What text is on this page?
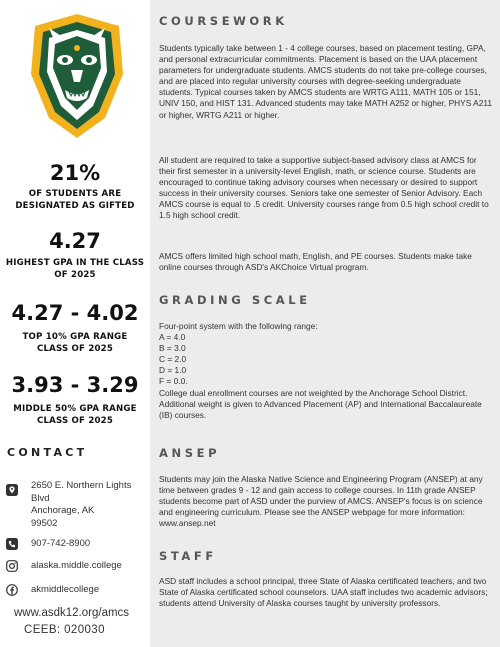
21%
OF STUDENTS ARE
DESIGNATED AS GIFTED
4.27
HIGHEST GPA IN THE CLASS
OF 2025
4.27 - 4.02
TOP 10% GPA RANGE
CLASS OF 2025
3.93 - 3.29
MIDDLE 50% GPA RANGE
CLASS OF 2025
CONTACT
2650 E. Northern Lights
Blvd
Anchorage, AK
99502
907-742-8900
alaska.middle.college
akmiddlecollege
www.asdk12.org/amcs
CEEB: 020030
COURSEWORK

Students typically take between 1 - 4 college courses, based on placement testing, GPA, and personal extracurricular commitments. Placement is based on the UAA placement parameters for undergraduate students. AMCS students do not take pre-college courses, and are placed into regular university courses with degree-seeking undergraduate students. Typical courses taken by AMCS students are WRTG A111, MATH 105 or 151, UNIV 150, and HIST 131. Advanced students may take MATH A252 or higher, PHYS A211 or higher, WRTG A211 or higher.

All student are required to take a supportive subject-based advisory class at AMCS for their first semester in a university-level English, math, or science course. Students are encouraged to continue taking advisory courses when necessary or desired to support success in their university courses. Seniors take one semester of Senior Advisory. Each AMCS course is equal to .5 credit. University courses range from 0.5 high school credit to 1.5 high school credit.

AMCS offers limited high school math, English, and PE courses. Students make take online courses through ASD's AKChoice Virtual program.

GRADING SCALE
Four-point system with the following range:
A = 4.0
B = 3.0
C = 2.0
D = 1.0
F = 0.0.
College dual enrollment courses are not weighted by the Anchorage School District. Additional weight is given to Advanced Placement (AP) and International Baccalaureate (IB) courses.
ANSEP

Students may join the Alaska Native Science and Engineering Program (ANSEP) at any time between grades 9 - 12 and gain access to college courses. In 11th grade ANSEP students become part of ASD under the purview of AMCS. ANSEP's focus is on science and engineering curriculum. Please see the ANSEP webpage for more information: www.ansep.net

STAFF

ASD staff includes a school principal, three State of Alaska certificated teachers, and two State of Alaska certificated school counselors. UAA staff includes two academic advisors; students attend University of Alaska courses taught by university professors.
